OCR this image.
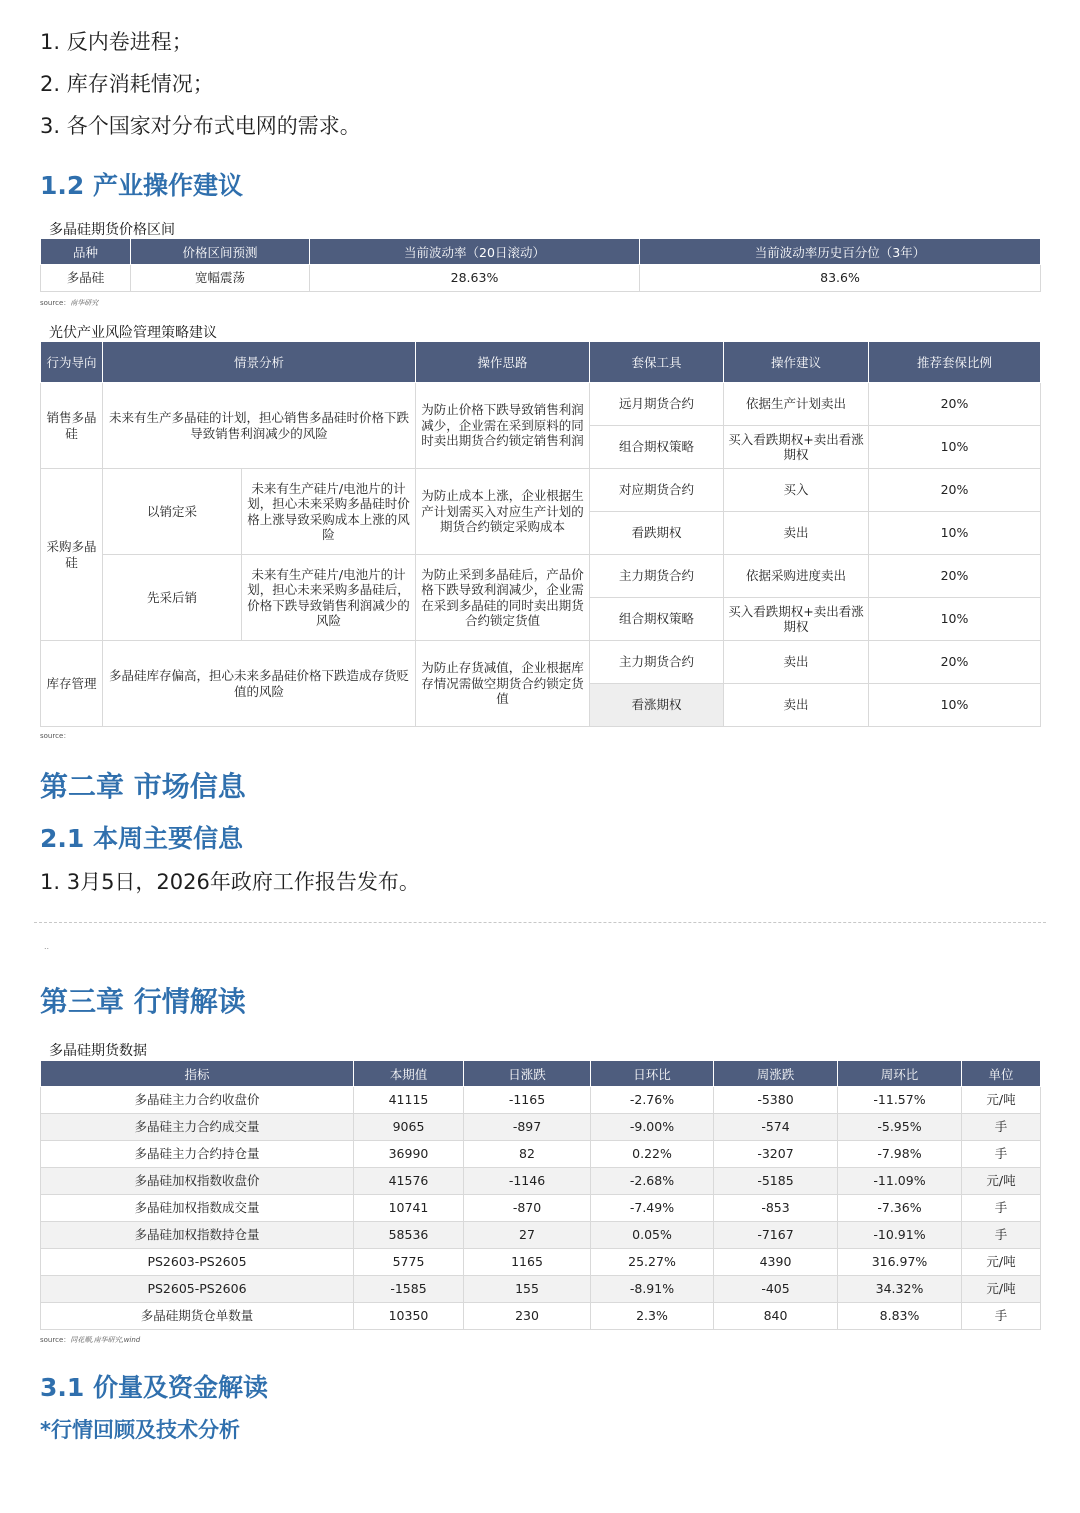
1. 反内卷进程；
2. 库存消耗情况；
3. 各个国家对分布式电网的需求。
1.2 产业操作建议
多晶硅期货价格区间
品种	价格区间预测	当前波动率（20日滚动）	当前波动率历史百分位（3年）
多晶硅	宽幅震荡	28.63%	83.6%
source：南华研究
光伏产业风险管理策略建议
行为导向	情景分析		操作思路	套保工具	操作建议	推荐套保比例
销售多晶硅	未来有生产多晶硅的计划，担心销售多晶硅时价格下跌导致销售利润减少的风险		为防止价格下跌导致销售利润减少，企业需在采到原料的同时卖出期货合约锁定销售利润	远月期货合约	依据生产计划卖出	20%
				组合期权策略	买入看跌期权+卖出看涨期权	10%
采购多晶硅	以销定采	未来有生产硅片/电池片的计划，担心未来采购多晶硅时价格上涨导致采购成本上涨的风险	为防止成本上涨，企业根据生产计划需买入对应生产计划的期货合约锁定采购成本	对应期货合约	买入	20%
				看跌期权	卖出	10%
	先采后销	未来有生产硅片/电池片的计划，担心未来采购多晶硅后，价格下跌导致销售利润减少的风险	为防止采到多晶硅后，产品价格下跌导致利润减少，企业需在采到多晶硅的同时卖出期货合约锁定货值	主力期货合约	依据采购进度卖出	20%
				组合期权策略	买入看跌期权+卖出看涨期权	10%
库存管理	多晶硅库存偏高，担心未来多晶硅价格下跌造成存货贬值的风险		为防止存货减值，企业根据库存情况需做空期货合约锁定货值	主力期货合约	卖出	20%
				看涨期权	卖出	10%
source：
第二章 市场信息
2.1 本周主要信息
1. 3月5日，2026年政府工作报告发布。
..
第三章 行情解读
多晶硅期货数据
指标	本期值	日涨跌	日环比	周涨跌	周环比	单位
多晶硅主力合约收盘价	41115	-1165	-2.76%	-5380	-11.57%	元/吨
多晶硅主力合约成交量	9065	-897	-9.00%	-574	-5.95%	手
多晶硅主力合约持仓量	36990	82	0.22%	-3207	-7.98%	手
多晶硅加权指数收盘价	41576	-1146	-2.68%	-5185	-11.09%	元/吨
多晶硅加权指数成交量	10741	-870	-7.49%	-853	-7.36%	手
多晶硅加权指数持仓量	58536	27	0.05%	-7167	-10.91%	手
PS2603-PS2605	5775	1165	25.27%	4390	316.97%	元/吨
PS2605-PS2606	-1585	155	-8.91%	-405	34.32%	元/吨
多晶硅期货仓单数量	10350	230	2.3%	840	8.83%	手
source：同花顺,南华研究,wind
3.1 价量及资金解读
*行情回顾及技术分析
